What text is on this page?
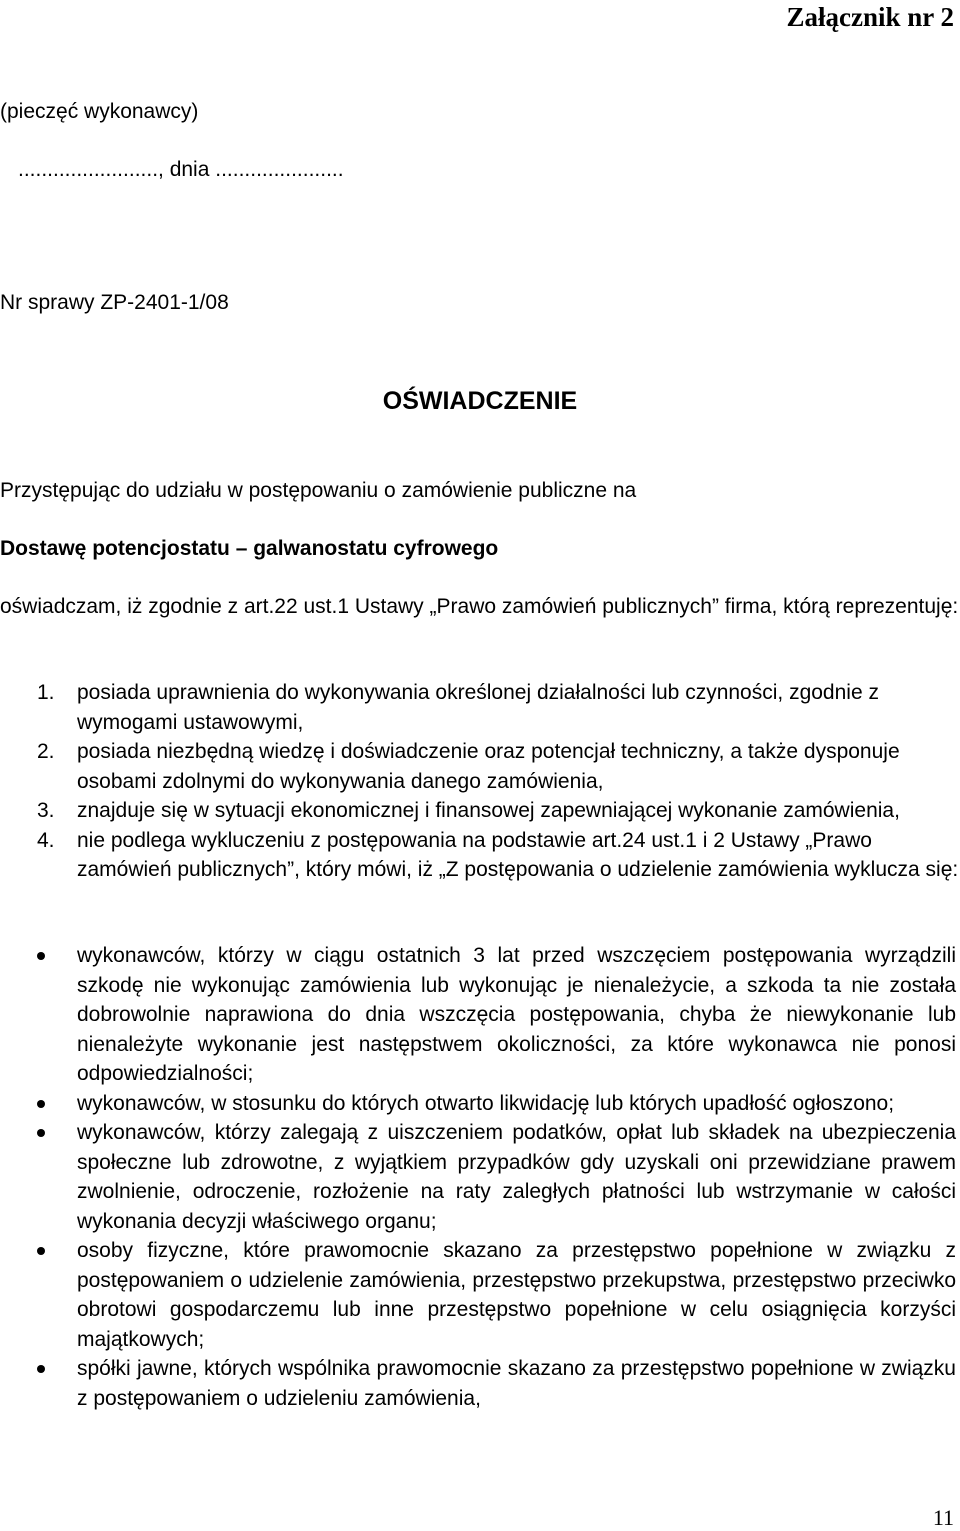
Załącznik nr 2
(pieczęć wykonawcy)
........................, dnia ......................
Nr sprawy ZP-2401-1/08
OŚWIADCZENIE
Przystępując do udziału w postępowaniu o zamówienie publiczne na
Dostawę potencjostatu – galwanostatu cyfrowego
oświadczam, iż zgodnie z art.22 ust.1 Ustawy „Prawo zamówień publicznych” firma, którą reprezentuję:
1. posiada uprawnienia do wykonywania określonej działalności lub czynności, zgodnie z wymogami ustawowymi,
2. posiada niezbędną wiedzę i doświadczenie oraz potencjał techniczny, a także dysponuje osobami zdolnymi do wykonywania danego zamówienia,
3. znajduje się w sytuacji ekonomicznej i finansowej zapewniającej wykonanie zamówienia,
4. nie podlega wykluczeniu z postępowania na podstawie art.24 ust.1 i 2 Ustawy „Prawo zamówień publicznych”, który mówi, iż „Z postępowania o udzielenie zamówienia wyklucza się:
wykonawców, którzy w ciągu ostatnich 3 lat przed wszczęciem postępowania wyrządzili szkodę nie wykonując zamówienia lub wykonując je nienależycie, a szkoda ta nie została dobrowolnie naprawiona do dnia wszczęcia postępowania, chyba że niewykonanie lub nienależyte wykonanie jest następstwem okoliczności, za które wykonawca nie ponosi odpowiedzialności;
wykonawców, w stosunku do których otwarto likwidację lub których upadłość ogłoszono;
wykonawców, którzy zalegają z uiszczeniem podatków, opłat lub składek na ubezpieczenia społeczne lub zdrowotne, z wyjątkiem przypadków gdy uzyskali oni przewidziane prawem zwolnienie, odroczenie, rozłożenie na raty zaległych płatności lub wstrzymanie w całości wykonania decyzji właściwego organu;
osoby fizyczne, które prawomocnie skazano za przestępstwo popełnione w związku z postępowaniem o udzielenie zamówienia, przestępstwo przekupstwa, przestępstwo przeciwko obrotowi gospodarczemu lub inne przestępstwo popełnione w celu osiągnięcia korzyści majątkowych;
spółki jawne, których wspólnika prawomocnie skazano za przestępstwo popełnione w związku z postępowaniem o udzieleniu zamówienia,
11
